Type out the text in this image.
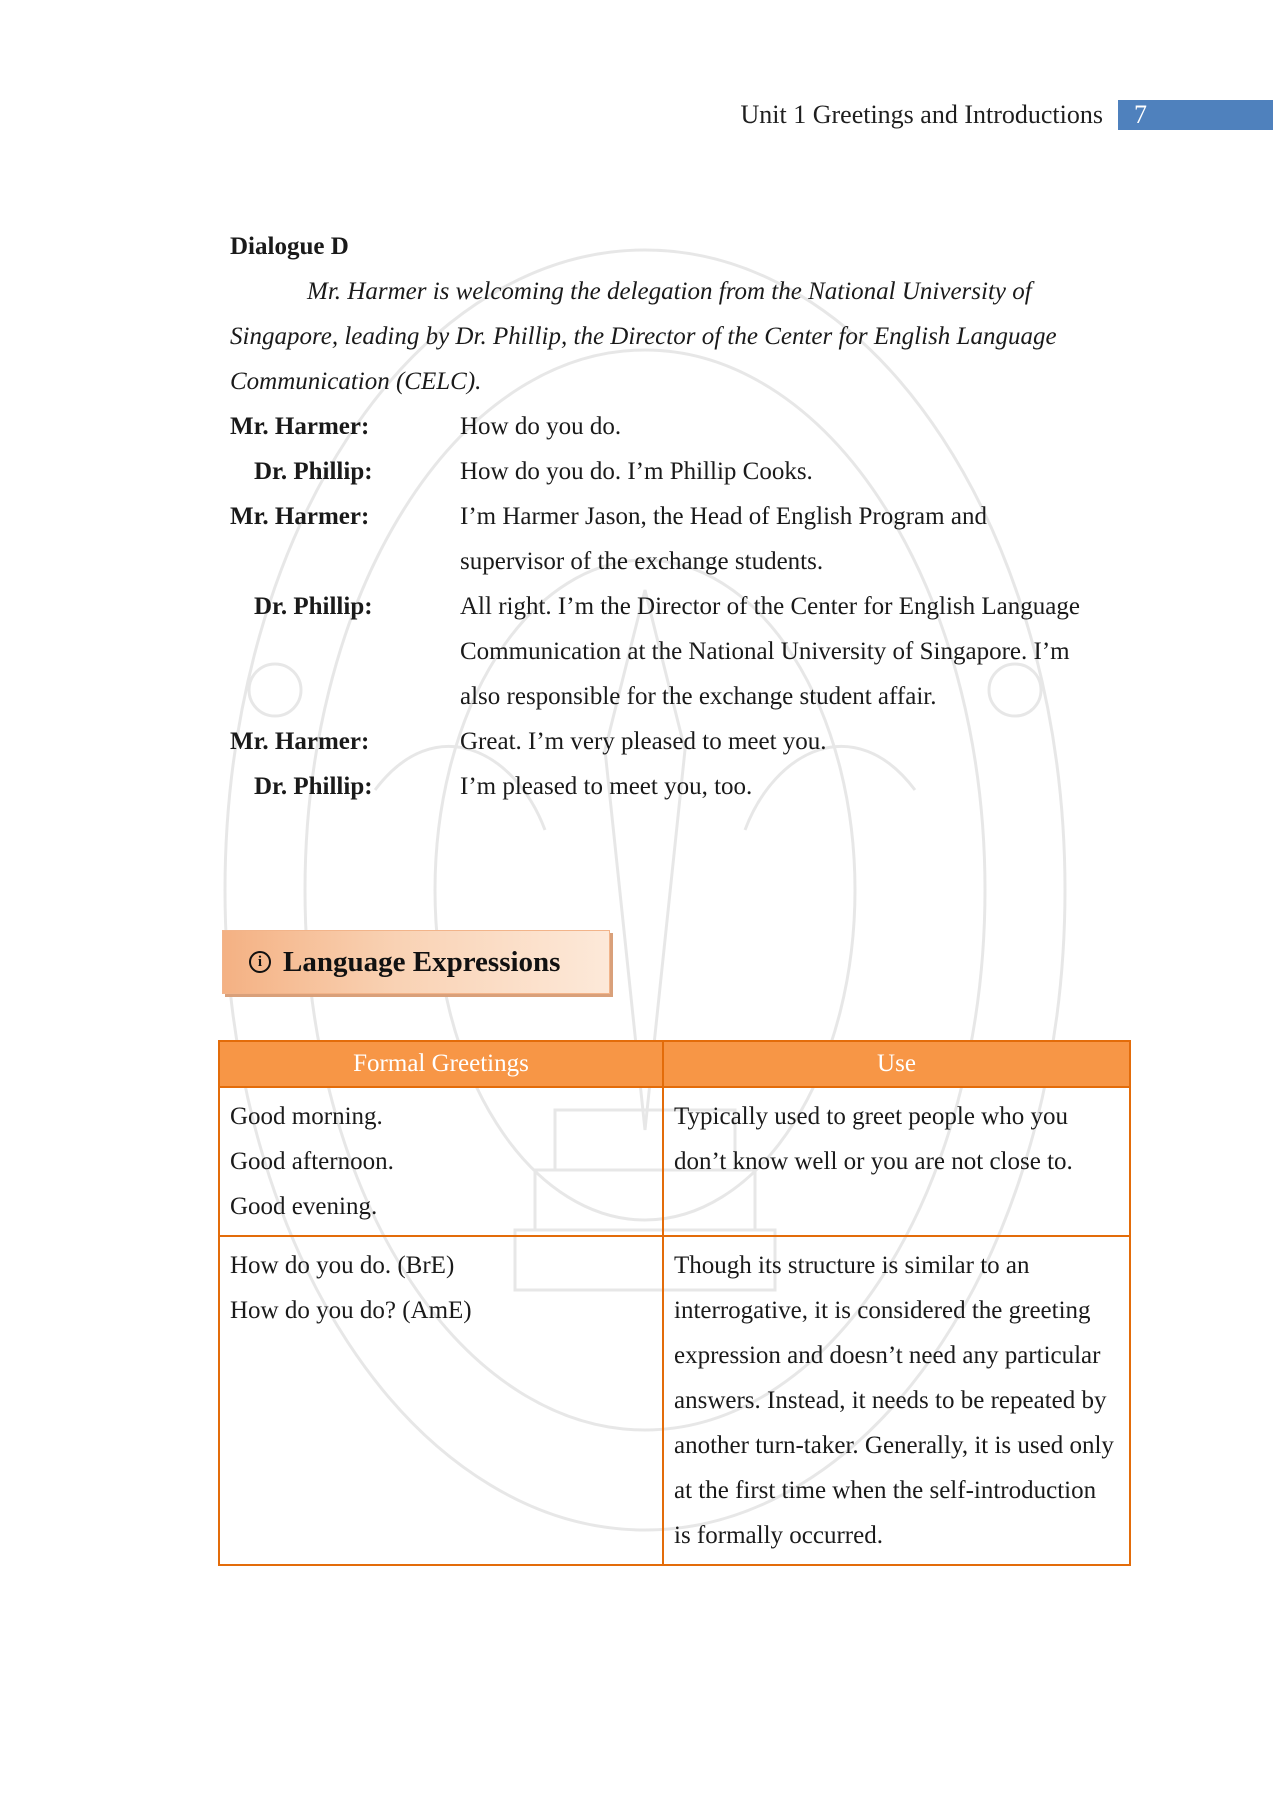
Unit 1 Greetings and Introductions 7

Dialogue D

Mr. Harmer is welcoming the delegation from the National University of Singapore, leading by Dr. Phillip, the Director of the Center for English Language Communication (CELC).

Mr. Harmer:	How do you do.
Dr. Phillip:	How do you do. I’m Phillip Cooks.
Mr. Harmer:	I’m Harmer Jason, the Head of English Program and supervisor of the exchange students.
Dr. Phillip:	All right. I’m the Director of the Center for English Language Communication at the National University of Singapore. I’m also responsible for the exchange student affair.
Mr. Harmer:	Great. I’m very pleased to meet you.
Dr. Phillip:	I’m pleased to meet you, too.
i Language Expressions
Formal Greetings	Use

Good morning.
Good afternoon.
Good evening.	Typically used to greet people who you don’t know well or you are not close to.

How do you do. (BrE)
How do you do? (AmE)	Though its structure is similar to an interrogative, it is considered the greeting expression and doesn’t need any particular answers. Instead, it needs to be repeated by another turn-taker. Generally, it is used only at the first time when the self-introduction is formally occurred.
